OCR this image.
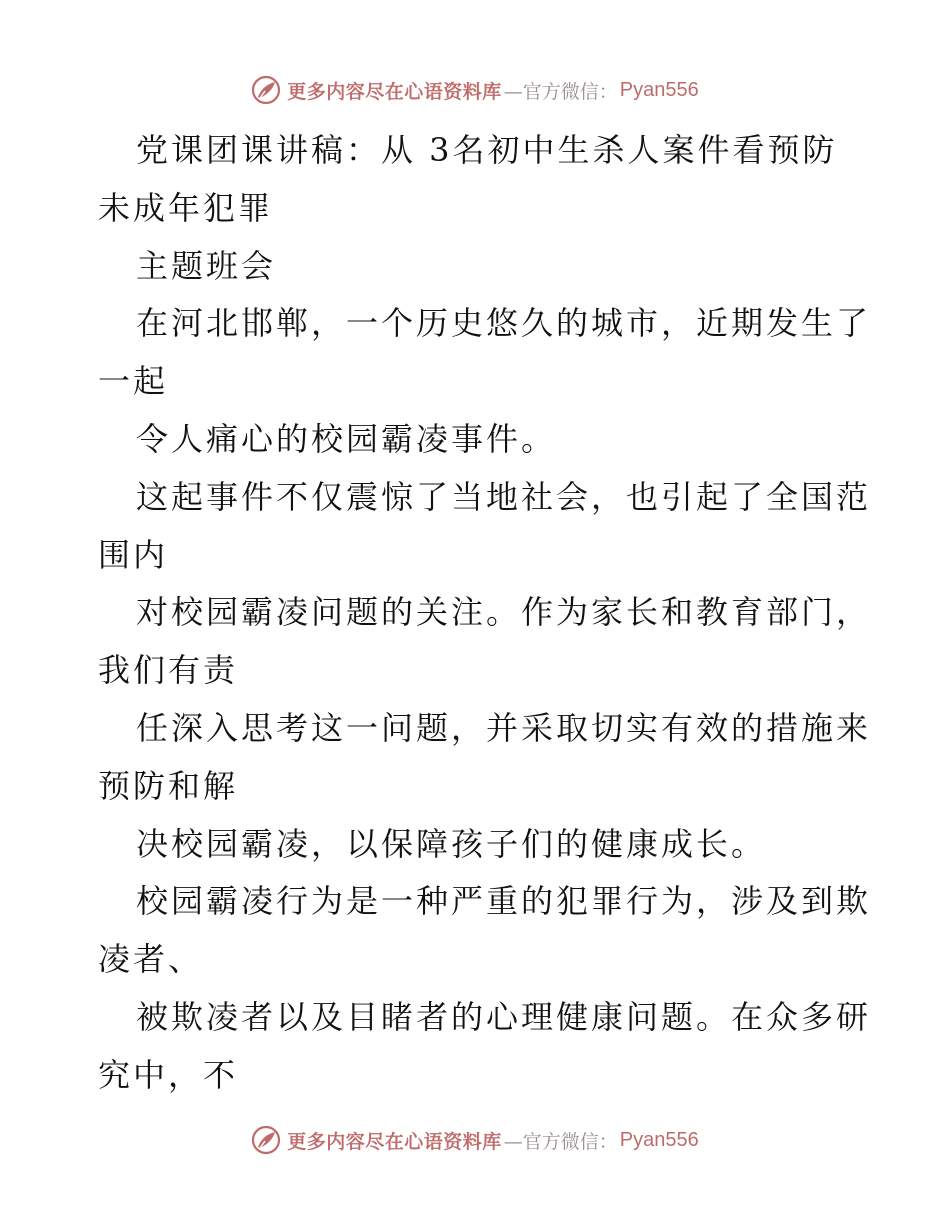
更多内容尽在心语资料库 —官方微信： Pyan556
党课团课讲稿：从 3名初中生杀人案件看预防
未成年犯罪
主题班会
在河北邯郸，一个历史悠久的城市，近期发生了
一起
令人痛心的校园霸凌事件。
这起事件不仅震惊了当地社会，也引起了全国范
围内
对校园霸凌问题的关注。作为家长和教育部门，
我们有责
任深入思考这一问题，并采取切实有效的措施来
预防和解
决校园霸凌，以保障孩子们的健康成长。
校园霸凌行为是一种严重的犯罪行为，涉及到欺
凌者、
被欺凌者以及目睹者的心理健康问题。在众多研
究中，不
更多内容尽在心语资料库 —官方微信： Pyan556
